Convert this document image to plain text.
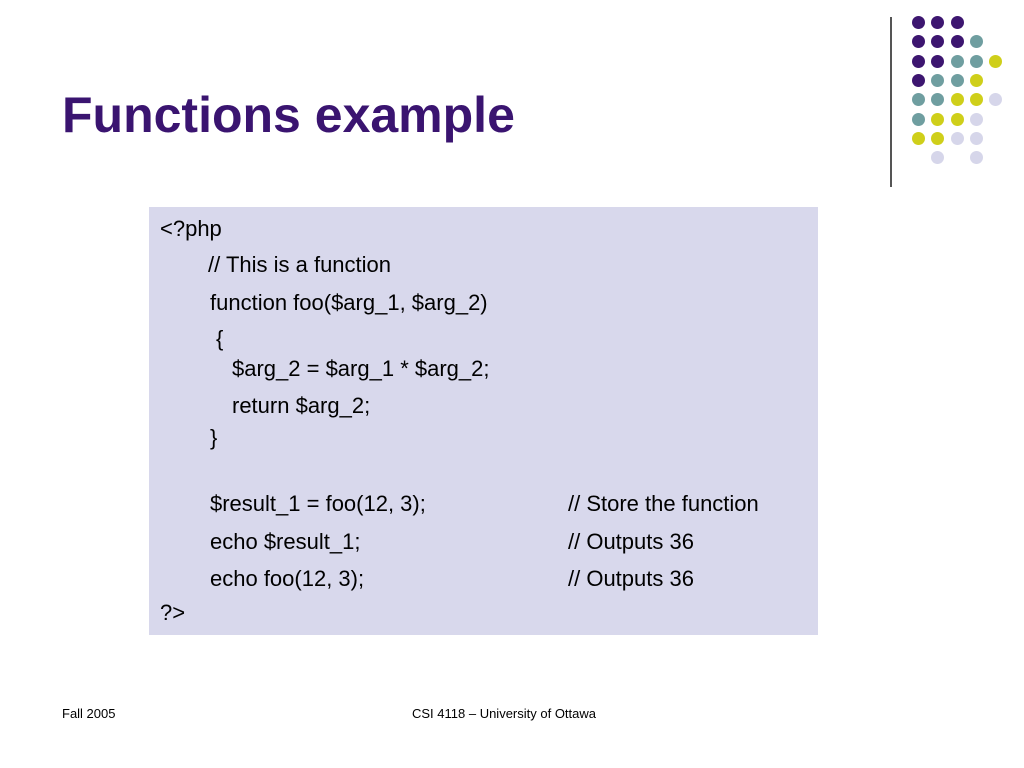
Functions example
<?php
// This is a function
function foo($arg_1, $arg_2)
{
$arg_2 = $arg_1 * $arg_2;
return $arg_2;
}
$result_1 = foo(12, 3);	// Store the function
echo $result_1;	// Outputs 36
echo foo(12, 3);	// Outputs 36
?>
Fall 2005	CSI 4118 – University of Ottawa
